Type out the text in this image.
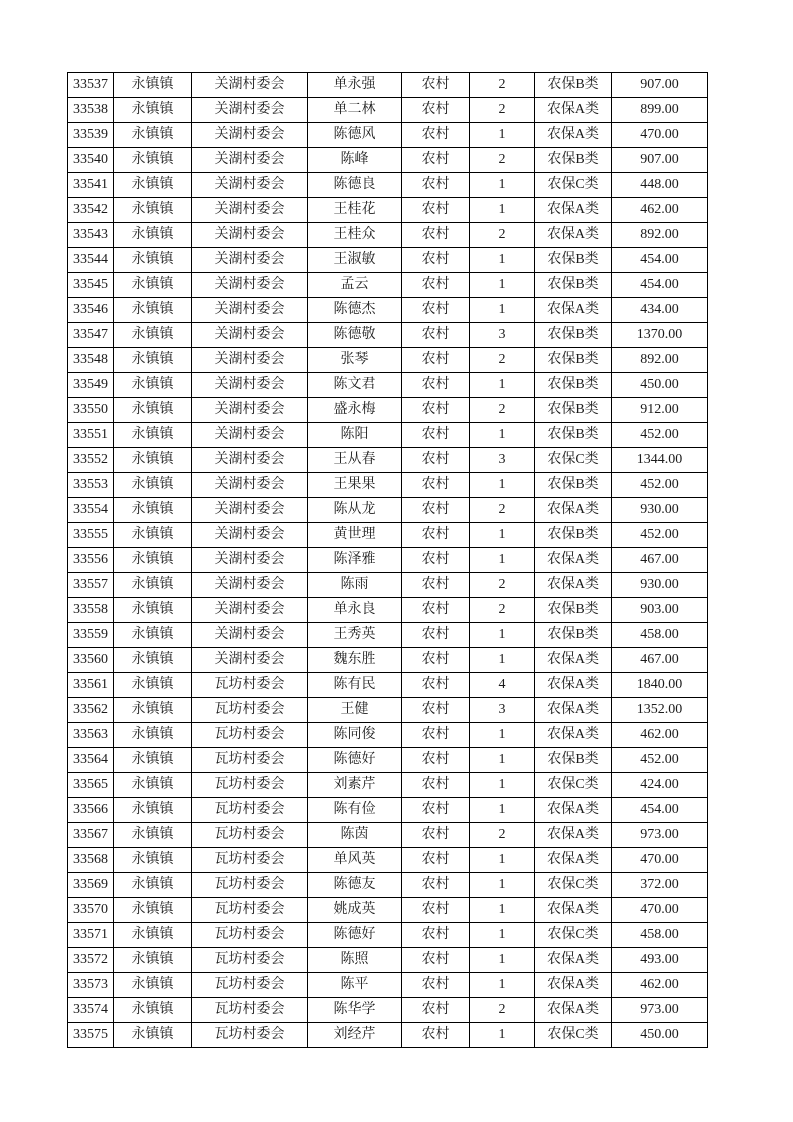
33537	永镇镇	关湖村委会	单永强	农村	2	农保B类	907.00
33538	永镇镇	关湖村委会	单二林	农村	2	农保A类	899.00
33539	永镇镇	关湖村委会	陈德风	农村	1	农保A类	470.00
33540	永镇镇	关湖村委会	陈峰	农村	2	农保B类	907.00
33541	永镇镇	关湖村委会	陈德良	农村	1	农保C类	448.00
33542	永镇镇	关湖村委会	王桂花	农村	1	农保A类	462.00
33543	永镇镇	关湖村委会	王桂众	农村	2	农保A类	892.00
33544	永镇镇	关湖村委会	王淑敏	农村	1	农保B类	454.00
33545	永镇镇	关湖村委会	孟云	农村	1	农保B类	454.00
33546	永镇镇	关湖村委会	陈德杰	农村	1	农保A类	434.00
33547	永镇镇	关湖村委会	陈德敬	农村	3	农保B类	1370.00
33548	永镇镇	关湖村委会	张琴	农村	2	农保B类	892.00
33549	永镇镇	关湖村委会	陈文君	农村	1	农保B类	450.00
33550	永镇镇	关湖村委会	盛永梅	农村	2	农保B类	912.00
33551	永镇镇	关湖村委会	陈阳	农村	1	农保B类	452.00
33552	永镇镇	关湖村委会	王从春	农村	3	农保C类	1344.00
33553	永镇镇	关湖村委会	王果果	农村	1	农保B类	452.00
33554	永镇镇	关湖村委会	陈从龙	农村	2	农保A类	930.00
33555	永镇镇	关湖村委会	黄世理	农村	1	农保B类	452.00
33556	永镇镇	关湖村委会	陈泽雅	农村	1	农保A类	467.00
33557	永镇镇	关湖村委会	陈雨	农村	2	农保A类	930.00
33558	永镇镇	关湖村委会	单永良	农村	2	农保B类	903.00
33559	永镇镇	关湖村委会	王秀英	农村	1	农保B类	458.00
33560	永镇镇	关湖村委会	魏东胜	农村	1	农保A类	467.00
33561	永镇镇	瓦坊村委会	陈有民	农村	4	农保A类	1840.00
33562	永镇镇	瓦坊村委会	王健	农村	3	农保A类	1352.00
33563	永镇镇	瓦坊村委会	陈同俊	农村	1	农保A类	462.00
33564	永镇镇	瓦坊村委会	陈德好	农村	1	农保B类	452.00
33565	永镇镇	瓦坊村委会	刘素芹	农村	1	农保C类	424.00
33566	永镇镇	瓦坊村委会	陈有俭	农村	1	农保A类	454.00
33567	永镇镇	瓦坊村委会	陈茵	农村	2	农保A类	973.00
33568	永镇镇	瓦坊村委会	单风英	农村	1	农保A类	470.00
33569	永镇镇	瓦坊村委会	陈德友	农村	1	农保C类	372.00
33570	永镇镇	瓦坊村委会	姚成英	农村	1	农保A类	470.00
33571	永镇镇	瓦坊村委会	陈德好	农村	1	农保C类	458.00
33572	永镇镇	瓦坊村委会	陈照	农村	1	农保A类	493.00
33573	永镇镇	瓦坊村委会	陈平	农村	1	农保A类	462.00
33574	永镇镇	瓦坊村委会	陈华学	农村	2	农保A类	973.00
33575	永镇镇	瓦坊村委会	刘经芹	农村	1	农保C类	450.00
